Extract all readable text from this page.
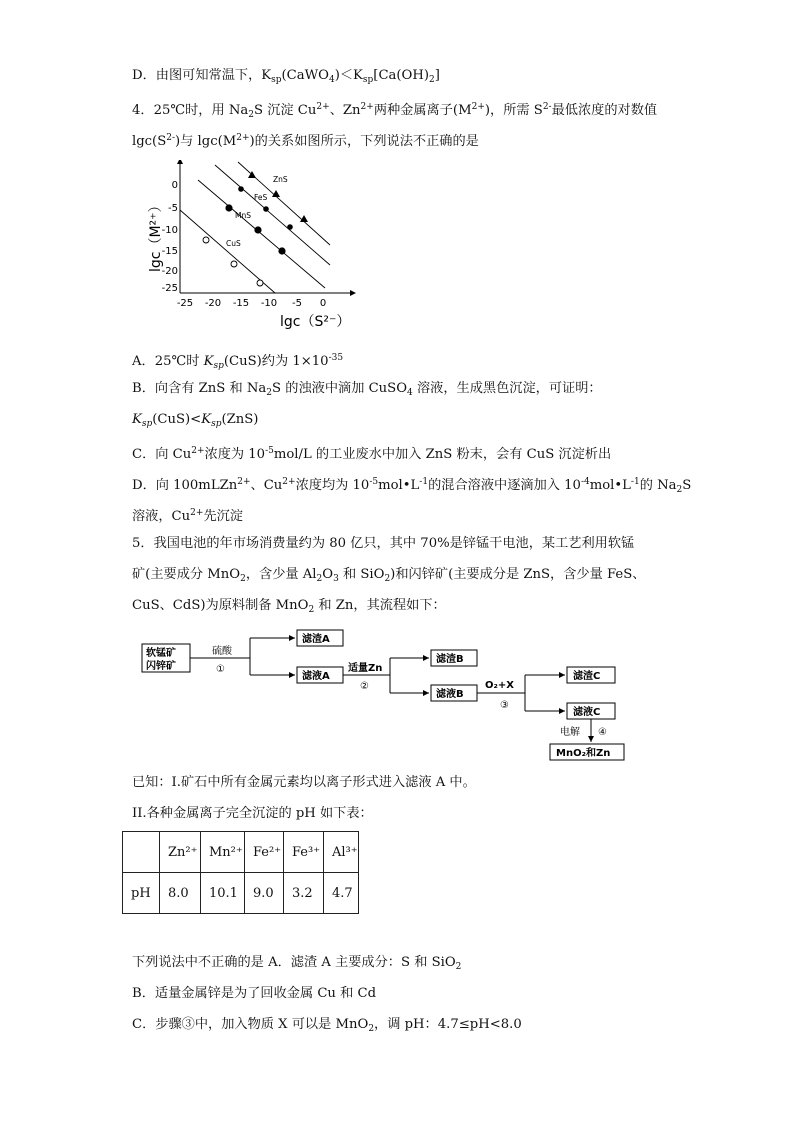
D．由图可知常温下，$K_{sp}(CaWO_4)<K_{sp}[Ca(OH)_2]$
4．25℃时，用 $Na_2S$ 沉淀 $Cu^{2+}$、$Zn^{2+}$两种金属离子$(M^{2+})$，所需 $S^{2-}$最低浓度的对数值
$\lg c(S^{2-})$与 $\lg c(M^{2+})$的关系如图所示，下列说法不正确的是
0
-5
-10
-15
-20
-25
-25 -20 -15 -10 -5 0
lgc（M²⁺）
lgc（S²⁻）
ZnS
FeS
MnS
CuS
A．25℃时 $K_{sp}(CuS)$约为 $1\times 10^{-35}$
B．向含有 ZnS 和 $Na_2S$ 的浊液中滴加 CuSO$_4$ 溶液，生成黑色沉淀，可证明：
$K_{sp}(CuS)<K_{sp}(ZnS)$
C．向 $Cu^{2+}$浓度为 $10^{-5}mol/L$ 的工业废水中加入 ZnS 粉末，会有 CuS 沉淀析出
D．向 100mLZn$^{2+}$、$Cu^{2+}$浓度均为 $10^{-5}mol•L^{-1}$的混合溶液中逐滴加入 $10^{-4}mol•L^{-1}$的 $Na_2S$
溶液，$Cu^{2+}$先沉淀
5．我国电池的年市场消费量约为 80 亿只，其中 70%是锌锰干电池，某工艺利用软锰
矿(主要成分 MnO$_2$，含少量 $Al_2O_3$ 和 SiO$_2$)和闪锌矿(主要成分是 ZnS，含少量 FeS、
CuS、CdS)为原料制备 MnO$_2$ 和 Zn，其流程如下：
软锰矿
闪锌矿
硫酸
①
滤渣A
滤液A
适量Zn
②
滤渣B
滤液B
O₂+X
③
滤渣C
滤液C
电解 ④
MnO₂和Zn
已知：I.矿石中所有金属元素均以离子形式进入滤液 A 中。
II.各种金属离子完全沉淀的 pH 如下表：
	Zn²⁺	Mn²⁺	Fe²⁺	Fe³⁺	Al³⁺
pH	8.0	10.1	9.0	3.2	4.7
下列说法中不正确的是 A．滤渣 A 主要成分：S 和 SiO$_2$
B．适量金属锌是为了回收金属 Cu 和 Cd
C．步骤③中，加入物质 X 可以是 MnO$_2$，调 pH：4.7≤pH<8.0
